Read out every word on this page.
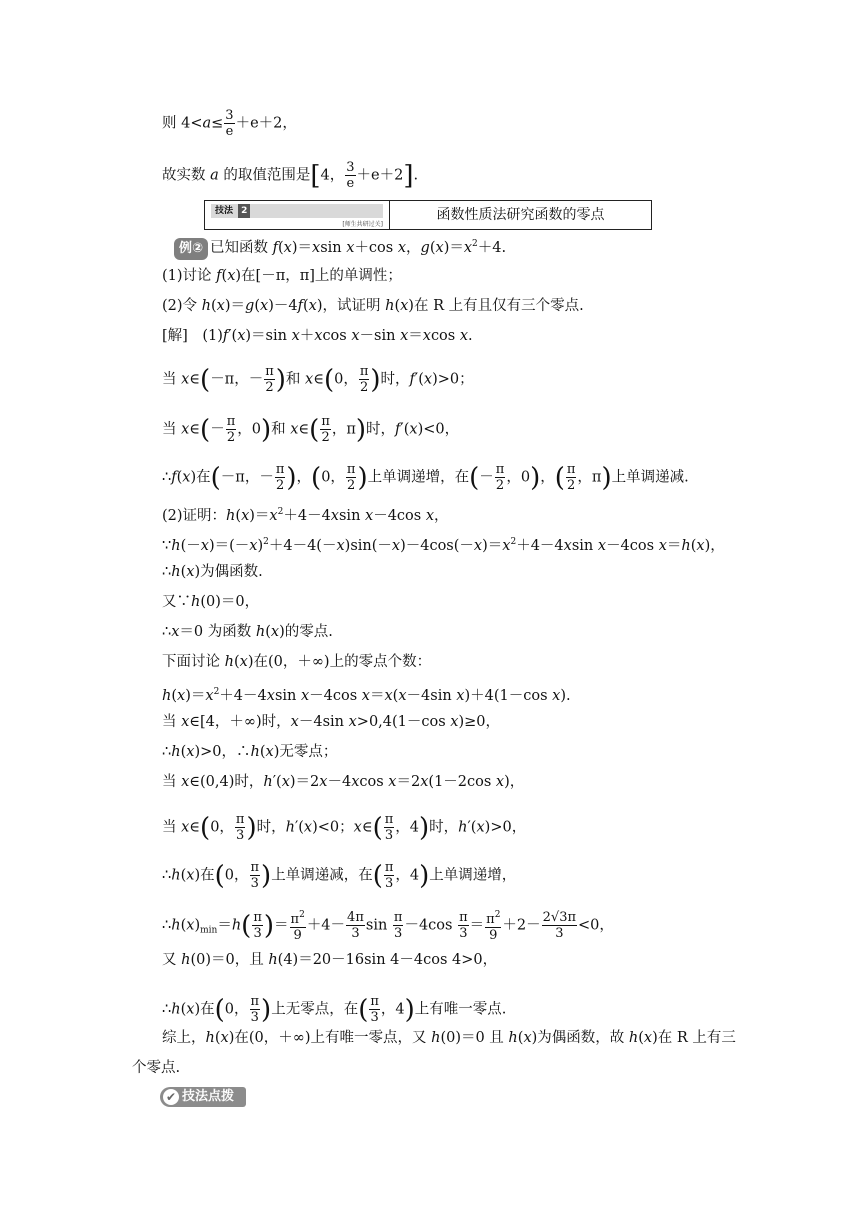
则 $4<a\le \frac{3}{e} +e+2$，
故实数 a 的取值范围是[4， $\frac{3}{e} +e+2$].
技法 2
[师生共研过关]
函数性质法研究函数的零点
例② 已知函数 f(x)＝xsin x＋cos x，$g(x)=x^2+4$.
(1)讨论 f(x)在[－π，π]上的单调性；
(2)令 h(x)＝g(x)－4f(x)，试证明 h(x)在 R 上有且仅有三个零点.
[解]　(1)f′(x)＝sin x＋xcos x－sin x＝xcos x.
当 x∈(－π，－ $\frac{\pi}{2}$ )和 x∈(0， $\frac{\pi}{2}$ )时，f′(x)>0；
当 x∈(－ $\frac{\pi}{2}$ ，0)和 x∈( $\frac{\pi}{2}$ ，π)时，f′(x)<0，
∴f(x)在(－π，－ $\frac{\pi}{2}$ )，(0， $\frac{\pi}{2}$ )上单调递增，在(－ $\frac{\pi}{2}$ ，0)，( $\frac{\pi}{2}$ ，π)上单调递减.
(2)证明：$h(x)=x^2+4-4xsin$ x－4cos x，
$\because h(-x)=(-x)^2+4-4(-x)\sin(-x)-4\cos(-x)=x^2+4-4xsin$ x－4cos x＝h(x)，
∴h(x)为偶函数.
又∵h(0)＝0，
∴x＝0 为函数 h(x)的零点.
下面讨论 h(x)在(0，＋∞)上的零点个数：
$h(x)=x^2+4-4xsin$ x－4cos x＝x(x－4sin x)＋4(1－cos x).
当 x∈[4，＋∞)时，x－4sin x>0,4(1－cos x)≥0，
∴h(x)>0，∴h(x)无零点；
当 x∈(0,4)时，h′(x)＝2x－4xcos x＝2x(1－2cos x)，
当 x∈(0， $\frac{\pi}{3}$ )时，h′(x)<0；x∈( $\frac{\pi}{3}$ ，4)时，h′(x)>0，
∴h(x)在(0， $\frac{\pi}{3}$ )上单调递减，在( $\frac{\pi}{3}$ ，4)上单调递增，
$\therefore h(x)_{min}=h( \frac{\pi}{3}$ )＝ $\frac{\pi^2}{9} +4- \frac{4\pi}{3}$ $\sin \frac{\pi}{3} -4\cos \frac{\pi}{3} = \frac{\pi^2}{9} +2- \frac{2√3\pi}{3} <0$，
又 h(0)＝0，且 h(4)＝20－16sin 4－4cos 4>0，
∴h(x)在(0， $\frac{\pi}{3}$ )上无零点，在( $\frac{\pi}{3}$ ，4)上有唯一零点.
综上，h(x)在(0，＋∞)上有唯一零点，又 h(0)＝0 且 h(x)为偶函数，故 h(x)在 R 上有三
个零点.
✔ 技法点拨
